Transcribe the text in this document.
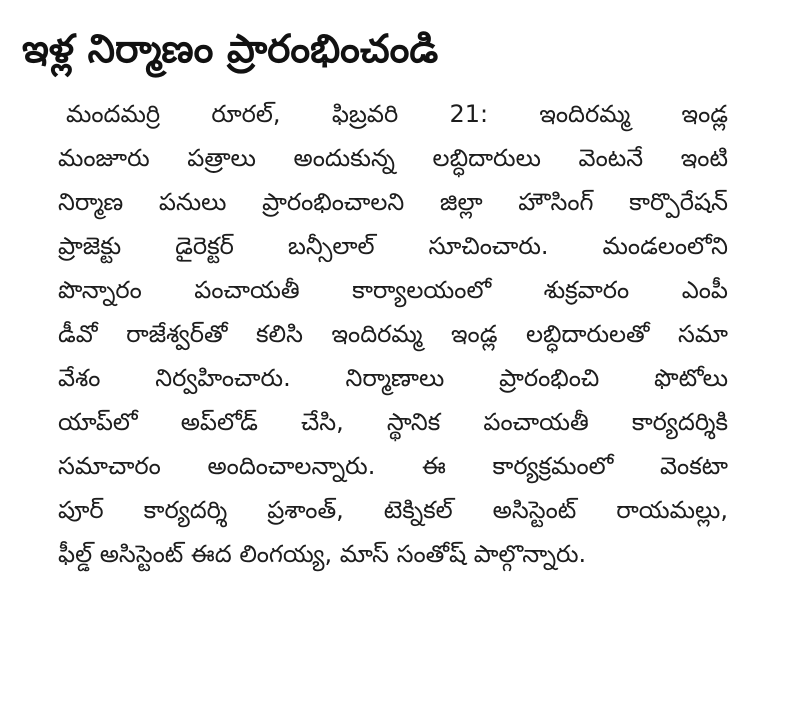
ఇళ్ల నిర్మాణం ప్రారంభించండి
మందమర్రి రూరల్, ఫిబ్రవరి 21: ఇందిరమ్మ ఇండ్ల
మంజూరు పత్రాలు అందుకున్న లబ్ధిదారులు వెంటనే ఇంటి
నిర్మాణ పనులు ప్రారంభించాలని జిల్లా హౌసింగ్ కార్పొరేషన్
ప్రాజెక్టు డైరెక్టర్ బన్సీలాల్ సూచించారు. మండలంలోని
పొన్నారం పంచాయతీ కార్యాలయంలో శుక్రవారం ఎంపీ
డీవో రాజేశ్వర్‌తో కలిసి ఇందిరమ్మ ఇండ్ల లబ్ధిదారులతో సమా
వేశం నిర్వహించారు. నిర్మాణాలు ప్రారంభించి ఫొటోలు
యాప్‌లో అప్‌లోడ్ చేసి, స్థానిక పంచాయతీ కార్యదర్శికి
సమాచారం అందించాలన్నారు. ఈ కార్యక్రమంలో వెంకటా
పూర్ కార్యదర్శి ప్రశాంత్, టెక్నికల్ అసిస్టెంట్ రాయమల్లు,
ఫీల్డ్ అసిస్టెంట్ ఈద లింగయ్య, మాస్ సంతోష్ పాల్గొన్నారు.
